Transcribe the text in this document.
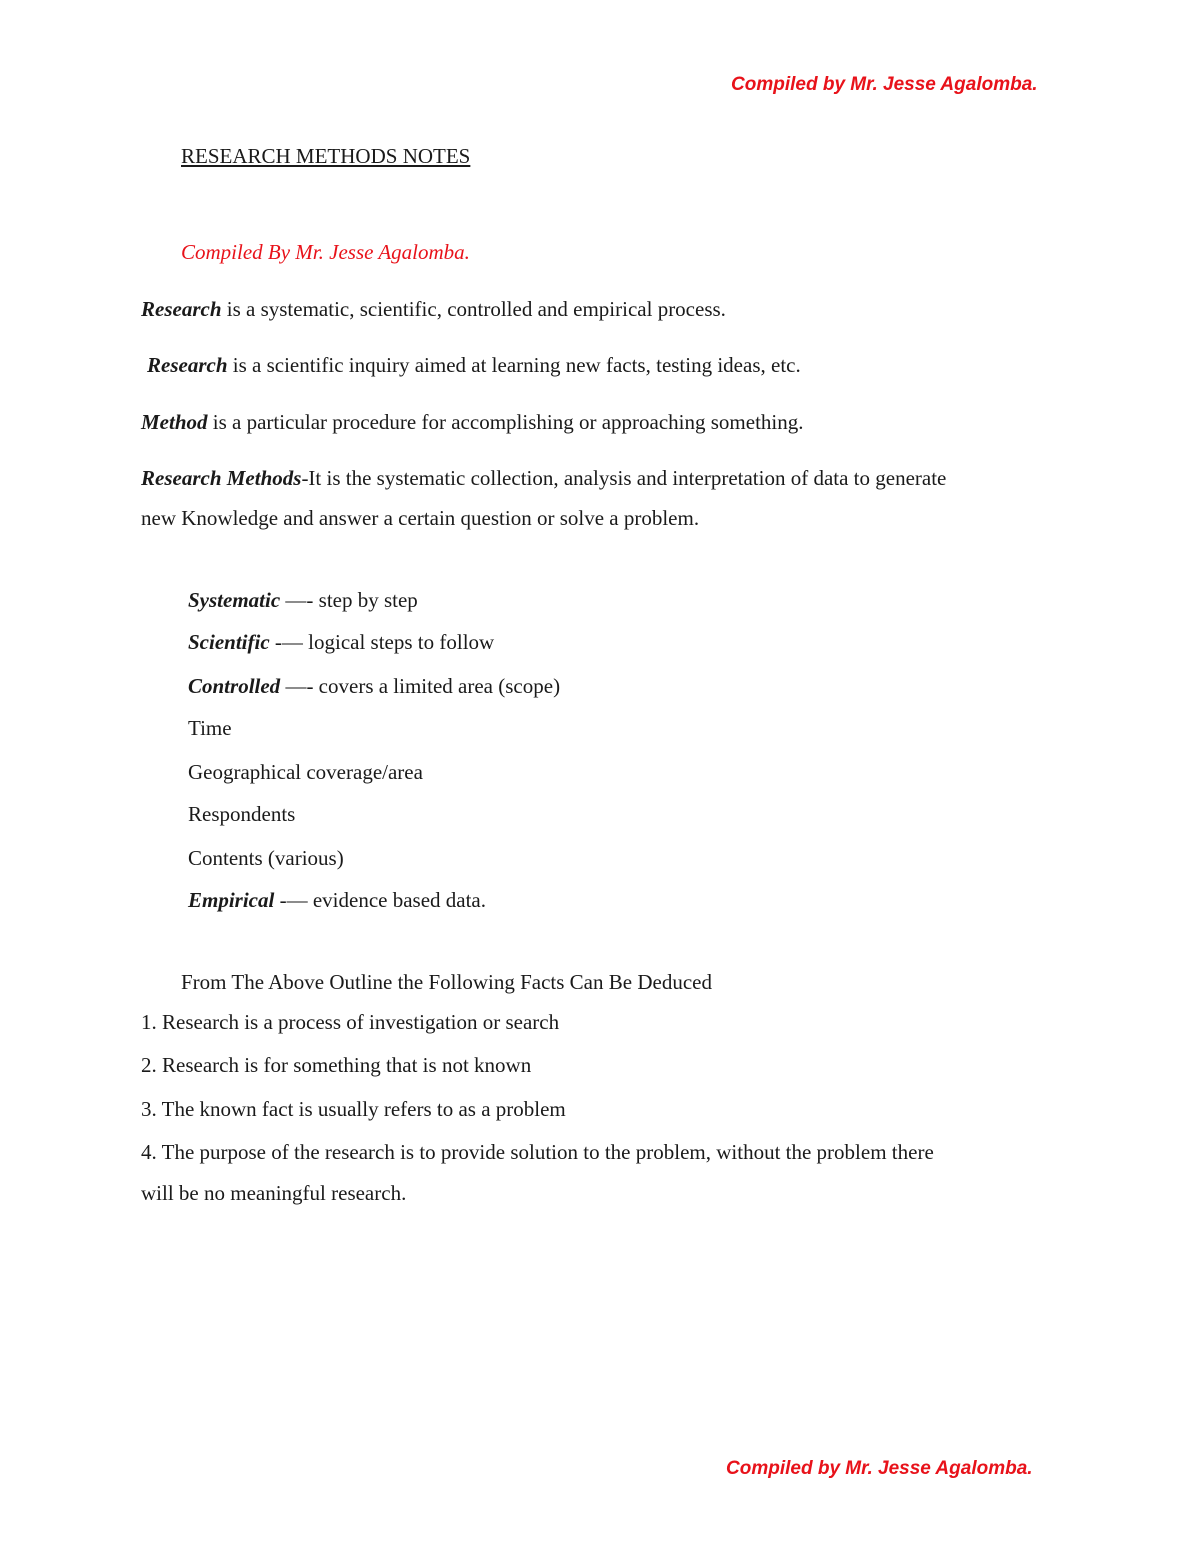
Compiled by Mr. Jesse Agalomba.
RESEARCH METHODS NOTES
Compiled By Mr. Jesse Agalomba.
Research is a systematic, scientific, controlled and empirical process.
Research is a scientific inquiry aimed at learning new facts, testing ideas, etc.
Method is a particular procedure for accomplishing or approaching something.
Research Methods-It is the systematic collection, analysis and interpretation of data to generate
new Knowledge and answer a certain question or solve a problem.
Systematic —- step by step
Scientific -— logical steps to follow
Controlled —- covers a limited area (scope)
Time
Geographical coverage/area
Respondents
Contents (various)
Empirical -— evidence based data.
From The Above Outline the Following Facts Can Be Deduced
1. Research is a process of investigation or search
2. Research is for something that is not known
3. The known fact is usually refers to as a problem
4. The purpose of the research is to provide solution to the problem, without the problem there
will be no meaningful research.
Compiled by Mr. Jesse Agalomba.
